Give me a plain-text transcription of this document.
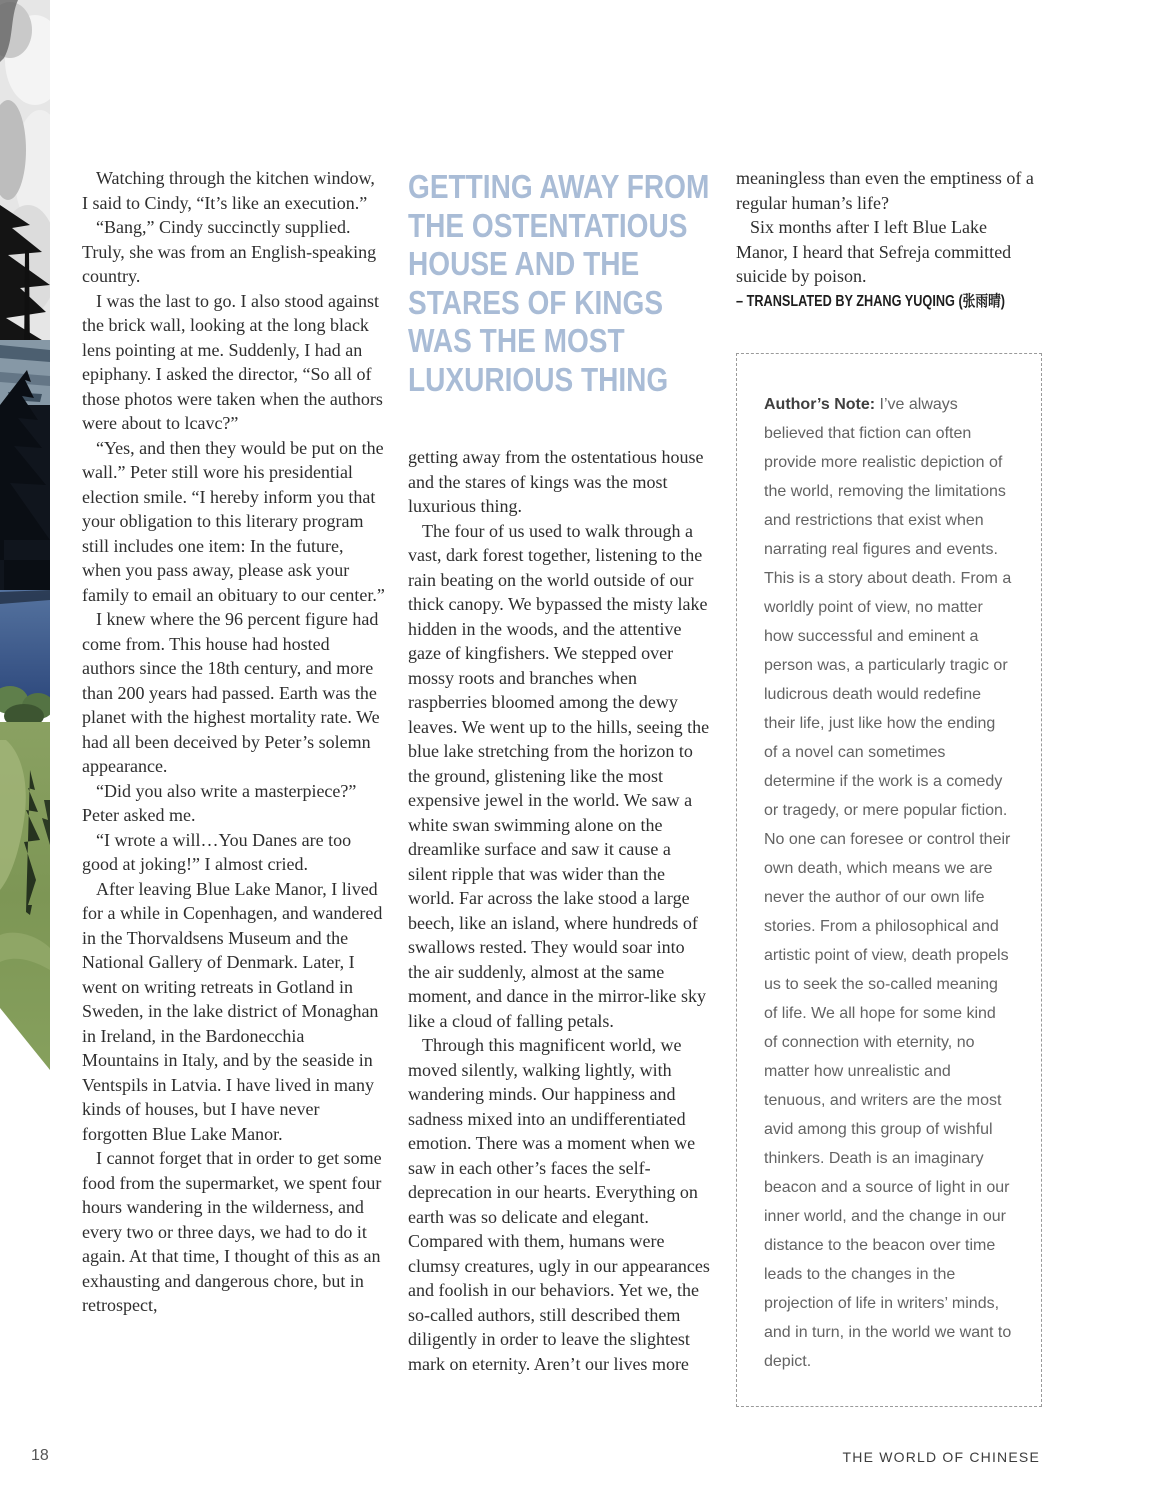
Watching through the kitchen window, I said to Cindy, “It’s like an execution.”

“Bang,” Cindy succinctly supplied. Truly, she was from an English-speaking country.

I was the last to go. I also stood against the brick wall, looking at the long black lens pointing at me. Suddenly, I had an epiphany. I asked the director, “So all of those photos were taken when the authors were about to lcavc?”

“Yes, and then they would be put on the wall.” Peter still wore his presidential election smile. “I hereby inform you that your obligation to this literary program still includes one item: In the future, when you pass away, please ask your family to email an obituary to our center.”

I knew where the 96 percent figure had come from. This house had hosted authors since the 18th century, and more than 200 years had passed. Earth was the planet with the highest mortality rate. We had all been deceived by Peter’s solemn appearance.

“Did you also write a masterpiece?” Peter asked me.

“I wrote a will…You Danes are too good at joking!” I almost cried.

After leaving Blue Lake Manor, I lived for a while in Copenhagen, and wandered in the Thorvaldsens Museum and the National Gallery of Denmark. Later, I went on writing retreats in Gotland in Sweden, in the lake district of Monaghan in Ireland, in the Bardonecchia Mountains in Italy, and by the seaside in Ventspils in Latvia. I have lived in many kinds of houses, but I have never forgotten Blue Lake Manor.

I cannot forget that in order to get some food from the supermarket, we spent four hours wandering in the wilderness, and every two or three days, we had to do it again. At that time, I thought of this as an exhausting and dangerous chore, but in retrospect,

GETTING AWAY FROM

THE OSTENTATIOUS

HOUSE AND THE

STARES OF KINGS

WAS THE MOST

LUXURIOUS THING

getting away from the ostentatious house and the stares of kings was the most luxurious thing.

The four of us used to walk through a vast, dark forest together, listening to the rain beating on the world outside of our thick canopy. We bypassed the misty lake hidden in the woods, and the attentive gaze of kingfishers. We stepped over mossy roots and branches when raspberries bloomed among the dewy leaves. We went up to the hills, seeing the blue lake stretching from the horizon to the ground, glistening like the most expensive jewel in the world. We saw a white swan swimming alone on the dreamlike surface and saw it cause a silent ripple that was wider than the world. Far across the lake stood a large beech, like an island, where hundreds of swallows rested. They would soar into the air suddenly, almost at the same moment, and dance in the mirror-like sky like a cloud of falling petals.

Through this magnificent world, we moved silently, walking lightly, with wandering minds. Our happiness and sadness mixed into an undifferentiated emotion. There was a moment when we saw in each other’s faces the self-deprecation in our hearts. Everything on earth was so delicate and elegant. Compared with them, humans were clumsy creatures, ugly in our appearances and foolish in our behaviors. Yet we, the so-called authors, still described them diligently in order to leave the slightest mark on eternity. Aren’t our lives more

meaningless than even the emptiness of a regular human’s life?

Six months after I left Blue Lake Manor, I heard that Sefreja committed suicide by poison.

– TRANSLATED BY ZHANG YUQING (张雨晴)
Author’s Note: I’ve always believed that fiction can often provide more realistic depiction of the world, removing the limitations and restrictions that exist when narrating real figures and events. This is a story about death. From a worldly point of view, no matter how successful and eminent a person was, a particularly tragic or ludicrous death would redefine their life, just like how the ending of a novel can sometimes determine if the work is a comedy or tragedy, or mere popular fiction. No one can foresee or control their own death, which means we are never the author of our own life stories. From a philosophical and artistic point of view, death propels us to seek the so-called meaning of life. We all hope for some kind of connection with eternity, no matter how unrealistic and tenuous, and writers are the most avid among this group of wishful thinkers. Death is an imaginary beacon and a source of light in our inner world, and the change in our distance to the beacon over time leads to the changes in the projection of life in writers’ minds, and in turn, in the world we want to depict.
18	THE WORLD OF CHINESE
